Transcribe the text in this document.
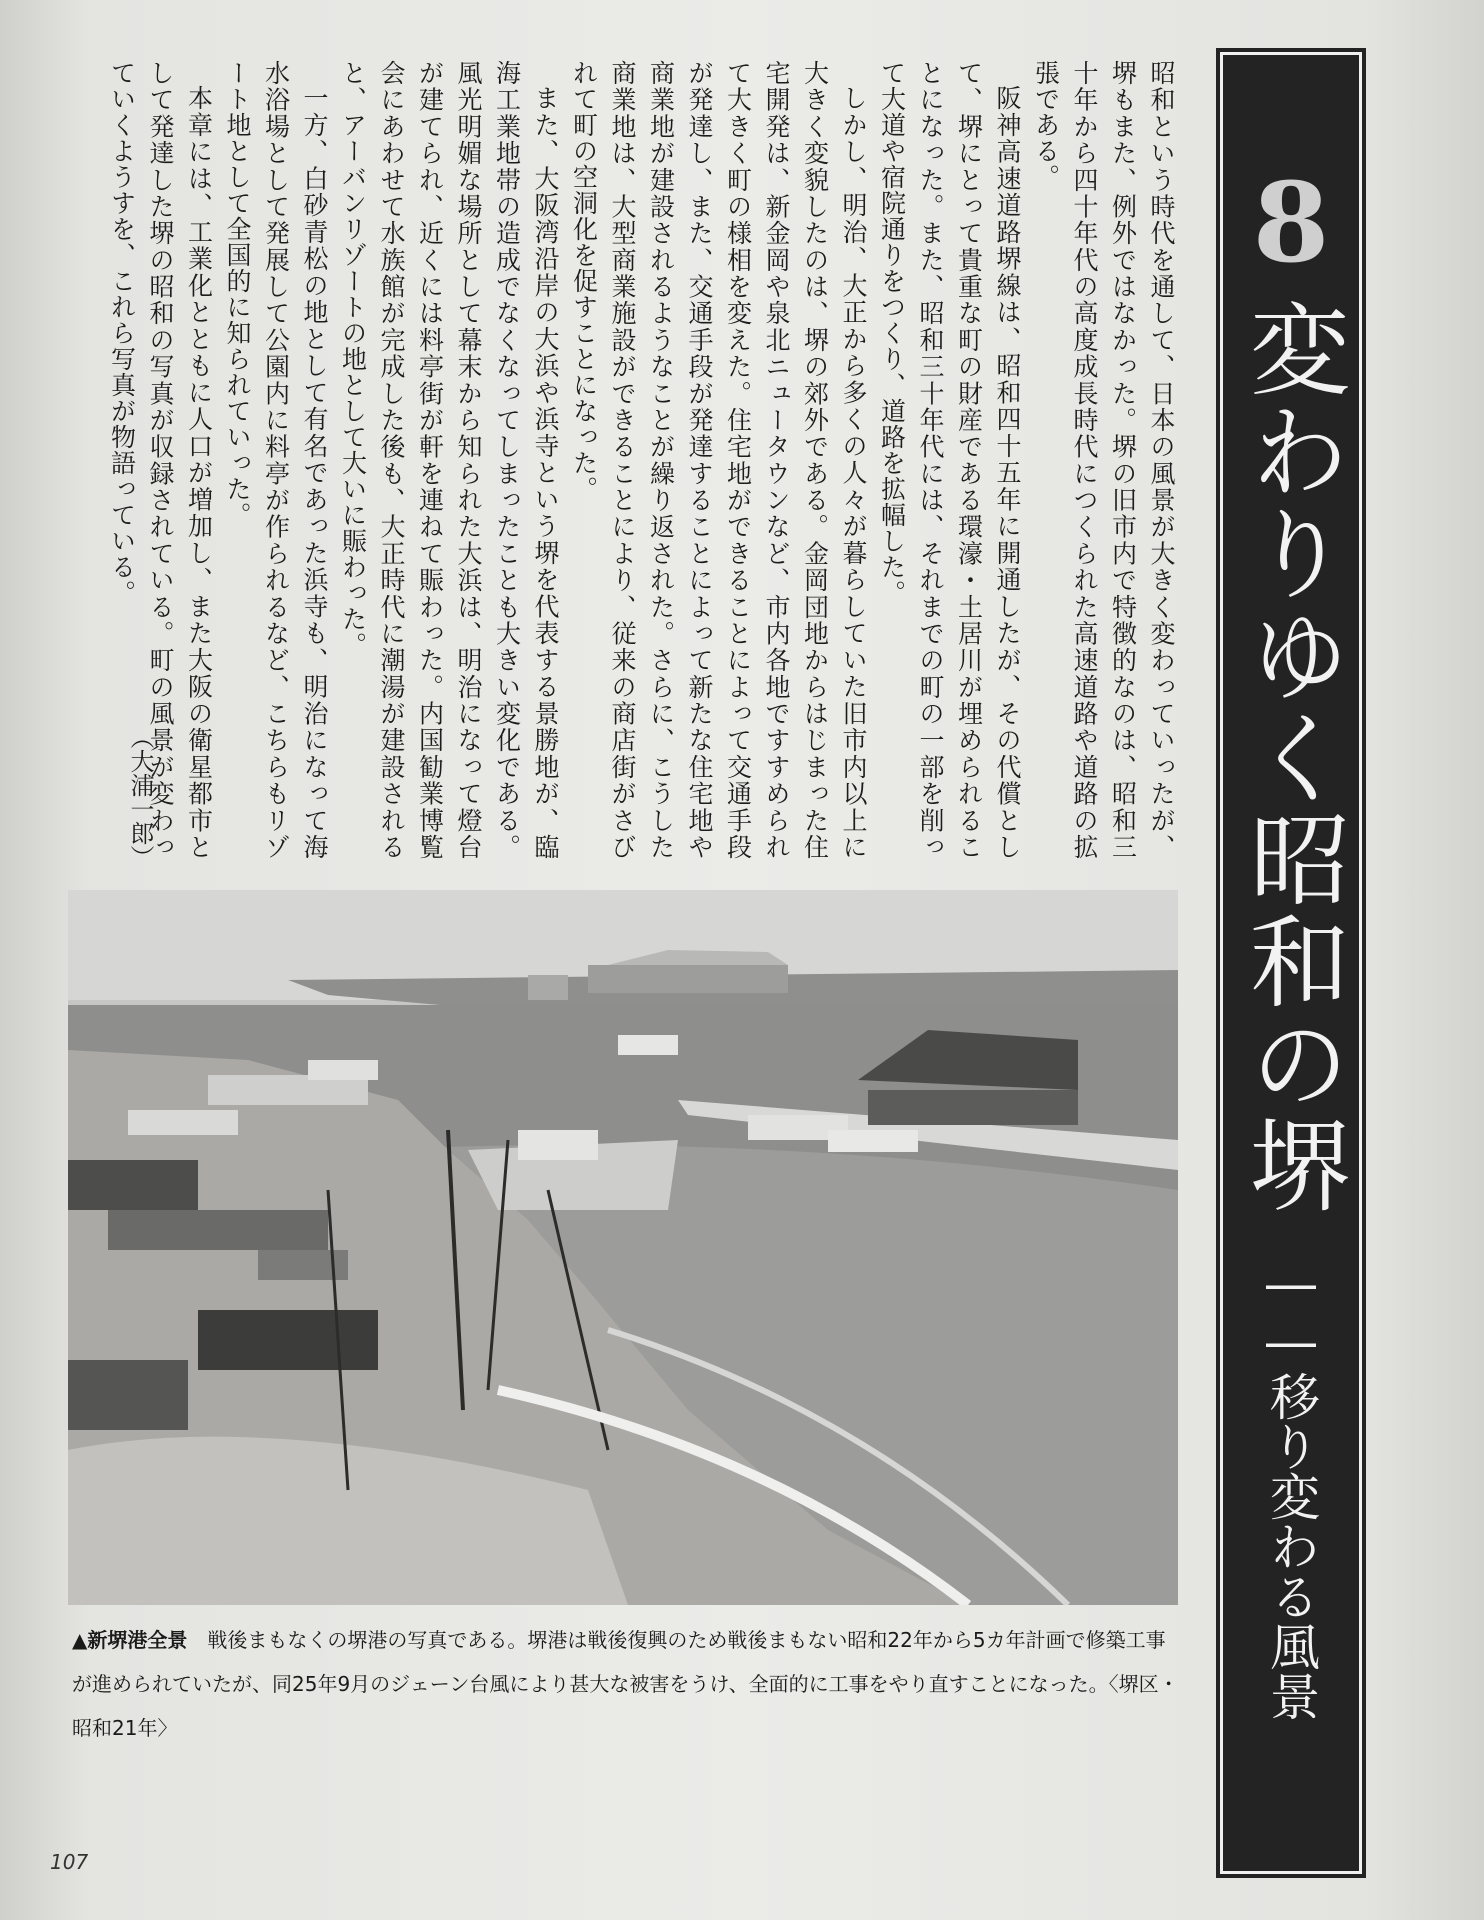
8
変わりゆく昭和の堺
――移り変わる風景

昭和という時代を通して、日本の風景が大きく変わっていったが、堺もまた、例外ではなかった。堺の旧市内で特徴的なのは、昭和三十年から四十年代の高度成長時代につくられた高速道路や道路の拡張である。

阪神高速道路堺線は、昭和四十五年に開通したが、その代償として、堺にとって貴重な町の財産である環濠・土居川が埋められることになった。また、昭和三十年代には、それまでの町の一部を削って大道や宿院通りをつくり、道路を拡幅した。

しかし、明治、大正から多くの人々が暮らしていた旧市内以上に大きく変貌したのは、堺の郊外である。金岡団地からはじまった住宅開発は、新金岡や泉北ニュータウンなど、市内各地ですすめられて大きく町の様相を変えた。住宅地ができることによって交通手段が発達し、また、交通手段が発達することによって新たな住宅地や商業地が建設されるようなことが繰り返された。さらに、こうした商業地は、大型商業施設ができることにより、従来の商店街がさびれて町の空洞化を促すことになった。

また、大阪湾沿岸の大浜や浜寺という堺を代表する景勝地が、臨海工業地帯の造成でなくなってしまったことも大きい変化である。風光明媚な場所として幕末から知られた大浜は、明治になって燈台が建てられ、近くには料亭街が軒を連ねて賑わった。内国勧業博覧会にあわせて水族館が完成した後も、大正時代に潮湯が建設されると、アーバンリゾートの地として大いに賑わった。

一方、白砂青松の地として有名であった浜寺も、明治になって海水浴場として発展して公園内に料亭が作られるなど、こちらもリゾート地として全国的に知られていった。

本章には、工業化とともに人口が増加し、また大阪の衛星都市として発達した堺の昭和の写真が収録されている。町の風景が変わっていくようすを、これら写真が物語っている。

（大浦一郎）
▲新堺港全景 戦後まもなくの堺港の写真である。堺港は戦後復興のため戦後まもない昭和22年から5カ年計画で修築工事が進められていたが、同25年9月のジェーン台風により甚大な被害をうけ、全面的に工事をやり直すことになった。〈堺区・昭和21年〉
107
